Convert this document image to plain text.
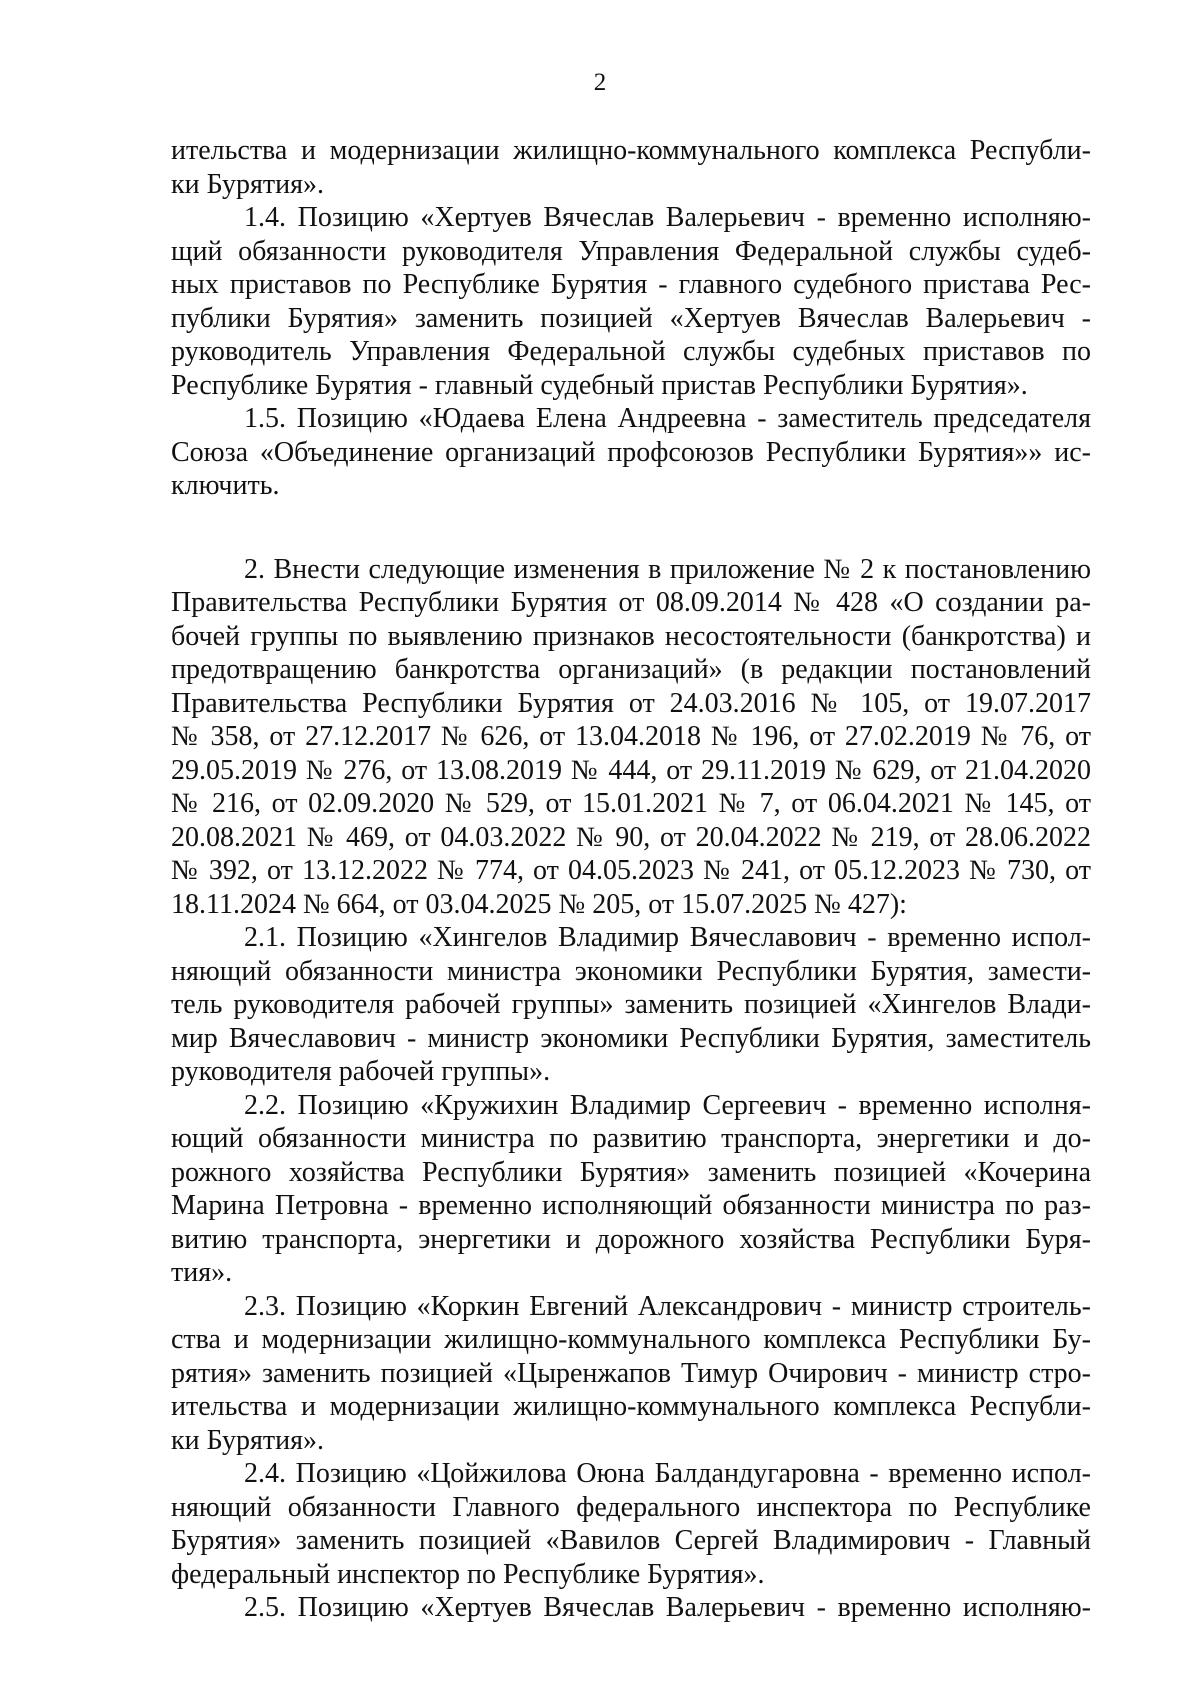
2
ительства и модернизации жилищно-коммунального комплекса Республи-
ки Бурятия».
1.4. Позицию «Хертуев Вячеслав Валерьевич - временно исполняю-
щий обязанности руководителя Управления Федеральной службы судеб-
ных приставов по Республике Бурятия - главного судебного пристава Рес-
публики Бурятия» заменить позицией «Хертуев Вячеслав Валерьевич -
руководитель Управления Федеральной службы судебных приставов по
Республике Бурятия - главный судебный пристав Республики Бурятия».
1.5. Позицию «Юдаева Елена Андреевна - заместитель председателя
Союза «Объединение организаций профсоюзов Республики Бурятия»» ис-
ключить.
2. Внести следующие изменения в приложение № 2 к постановлению
Правительства Республики Бурятия от 08.09.2014 № 428 «О создании ра-
бочей группы по выявлению признаков несостоятельности (банкротства) и
предотвращению банкротства организаций» (в редакции постановлений
Правительства Республики Бурятия от 24.03.2016 № 105, от 19.07.2017
№ 358, от 27.12.2017 № 626, от 13.04.2018 № 196, от 27.02.2019 № 76, от
29.05.2019 № 276, от 13.08.2019 № 444, от 29.11.2019 № 629, от 21.04.2020
№ 216, от 02.09.2020 № 529, от 15.01.2021 № 7, от 06.04.2021 № 145, от
20.08.2021 № 469, от 04.03.2022 № 90, от 20.04.2022 № 219, от 28.06.2022
№ 392, от 13.12.2022 № 774, от 04.05.2023 № 241, от 05.12.2023 № 730, от
18.11.2024 № 664, от 03.04.2025 № 205, от 15.07.2025 № 427):
2.1. Позицию «Хингелов Владимир Вячеславович - временно испол-
няющий обязанности министра экономики Республики Бурятия, замести-
тель руководителя рабочей группы» заменить позицией «Хингелов Влади-
мир Вячеславович - министр экономики Республики Бурятия, заместитель
руководителя рабочей группы».
2.2. Позицию «Кружихин Владимир Сергеевич - временно исполня-
ющий обязанности министра по развитию транспорта, энергетики и до-
рожного хозяйства Республики Бурятия» заменить позицией «Кочерина
Марина Петровна - временно исполняющий обязанности министра по раз-
витию транспорта, энергетики и дорожного хозяйства Республики Буря-
тия».
2.3. Позицию «Коркин Евгений Александрович - министр строитель-
ства и модернизации жилищно-коммунального комплекса Республики Бу-
рятия» заменить позицией «Цыренжапов Тимур Очирович - министр стро-
ительства и модернизации жилищно-коммунального комплекса Республи-
ки Бурятия».
2.4. Позицию «Цойжилова Оюна Балдандугаровна - временно испол-
няющий обязанности Главного федерального инспектора по Республике
Бурятия» заменить позицией «Вавилов Сергей Владимирович - Главный
федеральный инспектор по Республике Бурятия».
2.5. Позицию «Хертуев Вячеслав Валерьевич - временно исполняю-
